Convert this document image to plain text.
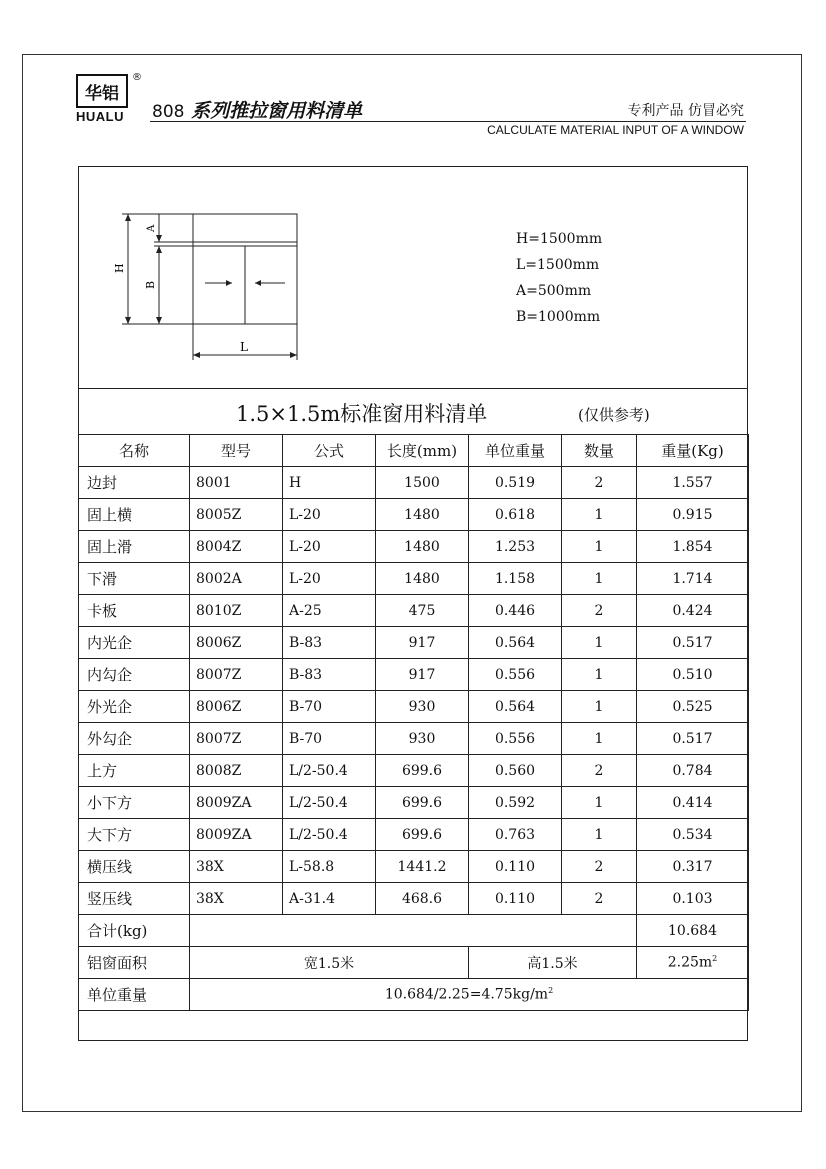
华铝
®
HUALU	808 系列推拉窗用料清单	专利产品 仿冒必究
CALCULATE MATERIAL INPUT OF A WINDOW
H
B
A
L
H=1500mm
L=1500mm
A=500mm
B=1000mm
1.5×1.5m标准窗用料清单	(仅供参考)
名称	型号	公式	长度(mm)	单位重量	数量	重量(Kg)
边封	8001	H	1500	0.519	2	1.557
固上横	8005Z	L-20	1480	0.618	1	0.915
固上滑	8004Z	L-20	1480	1.253	1	1.854
下滑	8002A	L-20	1480	1.158	1	1.714
卡板	8010Z	A-25	475	0.446	2	0.424
内光企	8006Z	B-83	917	0.564	1	0.517
内勾企	8007Z	B-83	917	0.556	1	0.510
外光企	8006Z	B-70	930	0.564	1	0.525
外勾企	8007Z	B-70	930	0.556	1	0.517
上方	8008Z	L/2-50.4	699.6	0.560	2	0.784
小下方	8009ZA	L/2-50.4	699.6	0.592	1	0.414
大下方	8009ZA	L/2-50.4	699.6	0.763	1	0.534
横压线	38X	L-58.8	1441.2	0.110	2	0.317
竖压线	38X	A-31.4	468.6	0.110	2	0.103
合计(kg)						10.684
铝窗面积	宽1.5米			高1.5米		$2.25m^2$
单位重量	$10.684/2.25=4.75kg/m^2$
